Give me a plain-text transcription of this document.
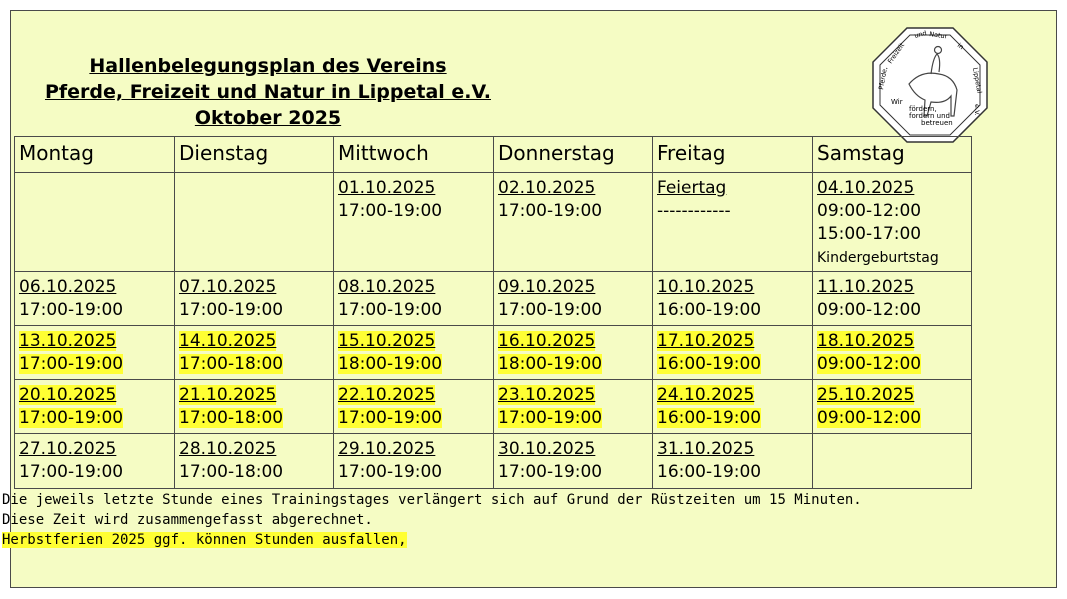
Hallenbelegungsplan des Vereins
Pferde, Freizeit und Natur in Lippetal e.V.
Oktober 2025
Pferde,
Freizeit
und Natur
in
Lippetal
e.V.
Wir
fördern,
fordern und
betreuen
Montag	Dienstag	Mittwoch	Donnerstag	Freitag	Samstag
		01.10.2025
17:00-19:00	02.10.2025
17:00-19:00	Feiertag
------------	04.10.2025
09:00-12:00
15:00-17:00
Kindergeburtstag
06.10.2025
17:00-19:00	07.10.2025
17:00-19:00	08.10.2025
17:00-19:00	09.10.2025
17:00-19:00	10.10.2025
16:00-19:00	11.10.2025
09:00-12:00
13.10.2025
17:00-19:00	14.10.2025
17:00-18:00	15.10.2025
18:00-19:00	16.10.2025
18:00-19:00	17.10.2025
16:00-19:00	18.10.2025
09:00-12:00
20.10.2025
17:00-19:00	21.10.2025
17:00-18:00	22.10.2025
17:00-19:00	23.10.2025
17:00-19:00	24.10.2025
16:00-19:00	25.10.2025
09:00-12:00
27.10.2025
17:00-19:00	28.10.2025
17:00-18:00	29.10.2025
17:00-19:00	30.10.2025
17:00-19:00	31.10.2025
16:00-19:00	
Die jeweils letzte Stunde eines Trainingstages verlängert sich auf Grund der Rüstzeiten um 15 Minuten.
Diese Zeit wird zusammengefasst abgerechnet.
Herbstferien 2025 ggf. können Stunden ausfallen,
